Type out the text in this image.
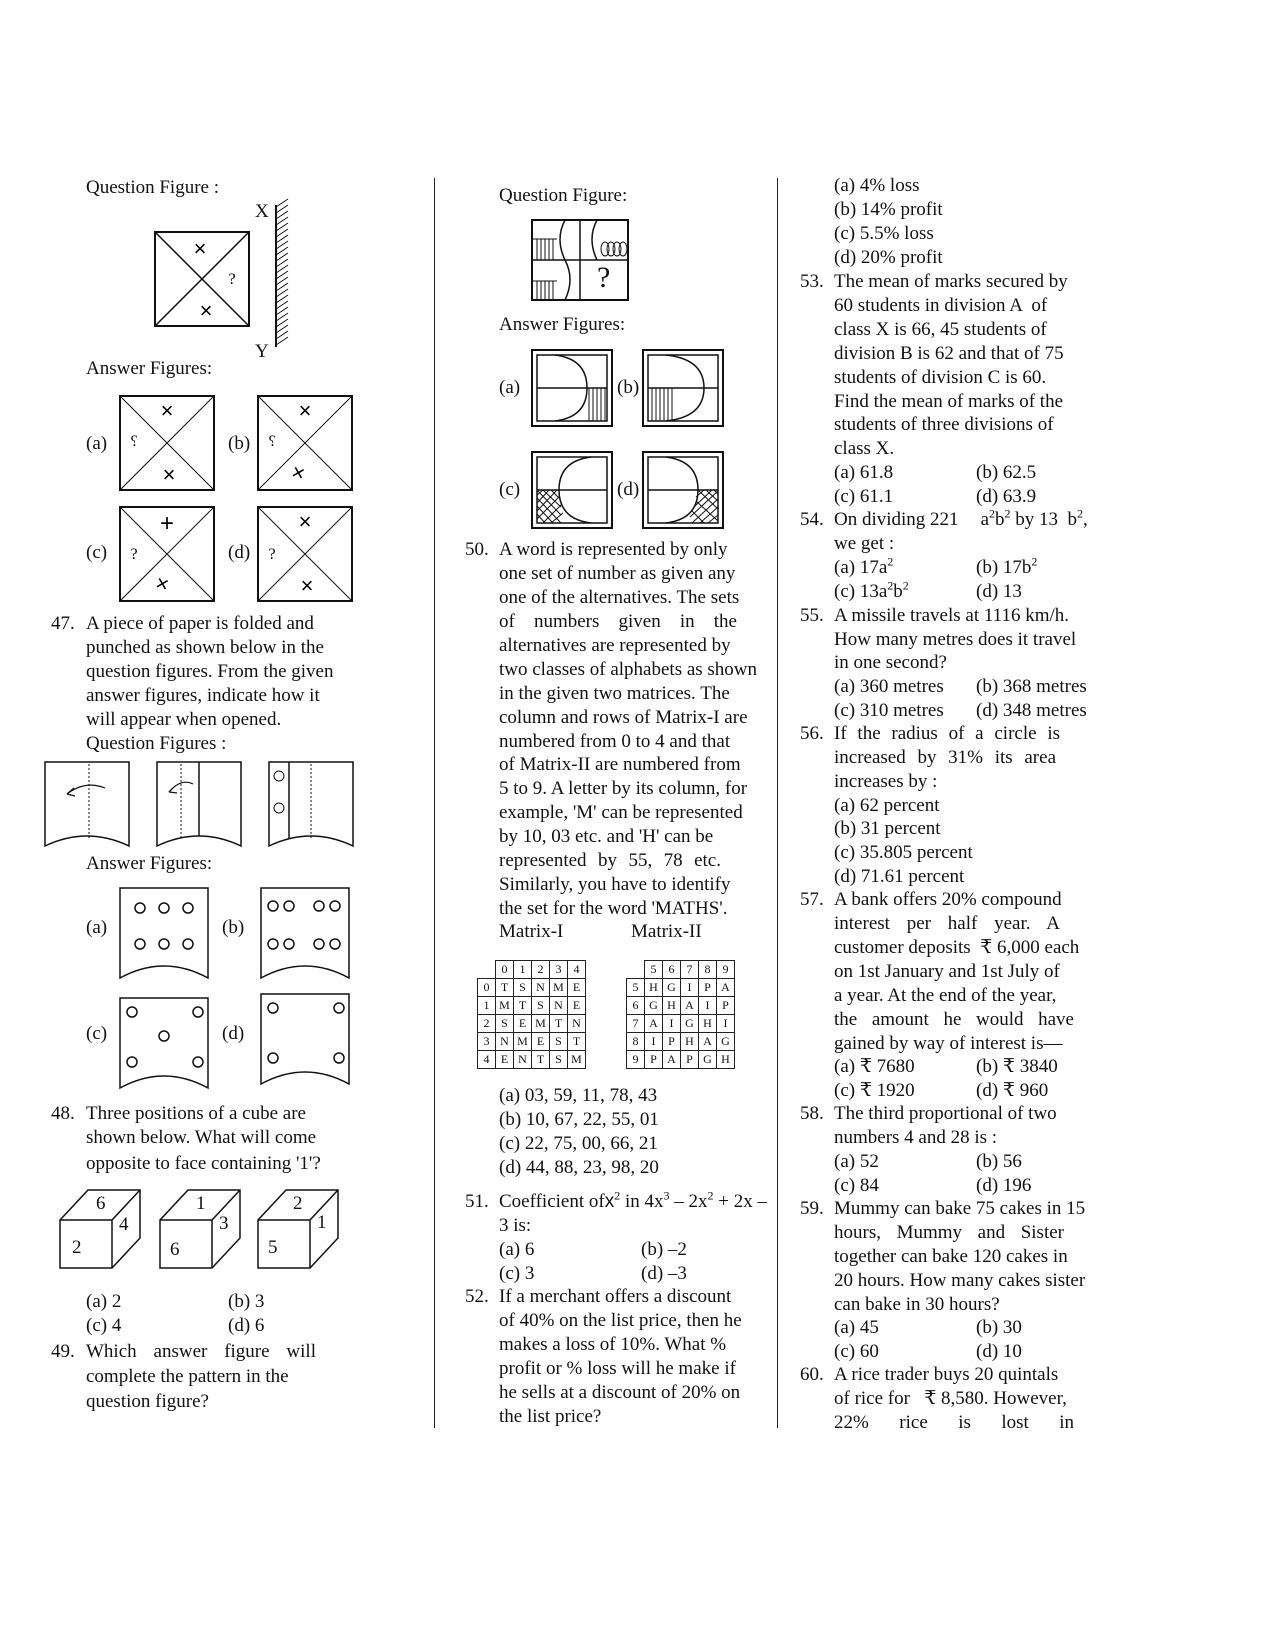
Question Figure :
×
×
?
X
Y
Answer Figures:
(a)
×
×
?	(b)
×
×
?
(c)
+
×
?	(d)
×
×
?
47. A piece of paper is folded and
punched as shown below in the
question figures. From the given
answer figures, indicate how it
will appear when opened.
Question Figures :
Answer Figures:
(a)	(b)
(c)	(d)
48. Three positions of a cube are
shown below. What will come
opposite to face containing '1'?
6
4
2
1
3
6
2
1
5
(a) 2	(b) 3
(c) 4	(d) 6
49. Which answer figure will
complete the pattern in the
question figure?
Question Figure:
?
Answer Figures:
(a)	(b)
(c)	(d)
50. A word is represented by only
one set of number as given any
one of the alternatives. The sets
of numbers given in the
alternatives are represented by
two classes of alphabets as shown
in the given two matrices. The
column and rows of Matrix-I are
numbered from 0 to 4 and that
of Matrix-II are numbered from
5 to 9. A letter by its column, for
example, 'M' can be represented
by 10, 03 etc. and 'H' can be
represented by 55, 78 etc.
Similarly, you have to identify
the set for the word 'MATHS'.
Matrix-I	Matrix-II
	0	1	2	3	4
0	T	S	N	M	E
1	M	T	S	N	E
2	S	E	M	T	N
3	N	M	E	S	T
4	E	N	T	S	M
	5	6	7	8	9
5	H	G	I	P	A
6	G	H	A	I	P
7	A	I	G	H	I
8	I	P	H	A	G
9	P	A	P	G	H
(a) 03, 59, 11, 78, 43
(b) 10, 67, 22, 55, 01
(c) 22, 75, 00, 66, 21
(d) 44, 88, 23, 98, 20
51. Coefficient ofx$^2$ in $4x^3 - 2x^2 + 2x$ –
3 is:
(a) 6	(b) –2
(c) 3	(d) –3
52. If a merchant offers a discount
of 40% on the list price, then he
makes a loss of 10%. What %
profit or % loss will he make if
he sells at a discount of 20% on
the list price?
(a) 4% loss
(b) 14% profit
(c) 5.5% loss
(d) 20% profit
53. The mean of marks secured by
60 students in division A  of
class X is 66, 45 students of
division B is 62 and that of 75
students of division C is 60.
Find the mean of marks of the
students of three divisions of
class X.
(a) 61.8	(b) 62.5
(c) 61.1	(d) 63.9
54. On dividing 221 $a^2b^2$ by 13 $b^2$,
we get :
(a) $17a^2$	(b) $17b^2$
(c) $13a^2b^2$	(d) 13
55. A missile travels at 1116 km/h.
How many metres does it travel
in one second?
(a) 360 metres (b) 368 metres
(c) 310 metres (d) 348 metres
56. If the radius of a circle is
increased by 31% its area
increases by :
(a) 62 percent
(b) 31 percent
(c) 35.805 percent
(d) 71.61 percent
57. A bank offers 20% compound
interest per half year. A
customer deposits  ₹ 6,000 each
on 1st January and 1st July of
a year. At the end of the year,
the amount he would have
gained by way of interest is—
(a) ₹ 7680	(b) ₹ 3840
(c) ₹ 1920	(d) ₹ 960
58. The third proportional of two
numbers 4 and 28 is :
(a) 52	(b) 56
(c) 84	(d) 196
59. Mummy can bake 75 cakes in 15
hours, Mummy and Sister
together can bake 120 cakes in
20 hours. How many cakes sister
can bake in 30 hours?
(a) 45	(b) 30
(c) 60	(d) 10
60. A rice trader buys 20 quintals
of rice for   ₹ 8,580. However,
22% rice is lost in
